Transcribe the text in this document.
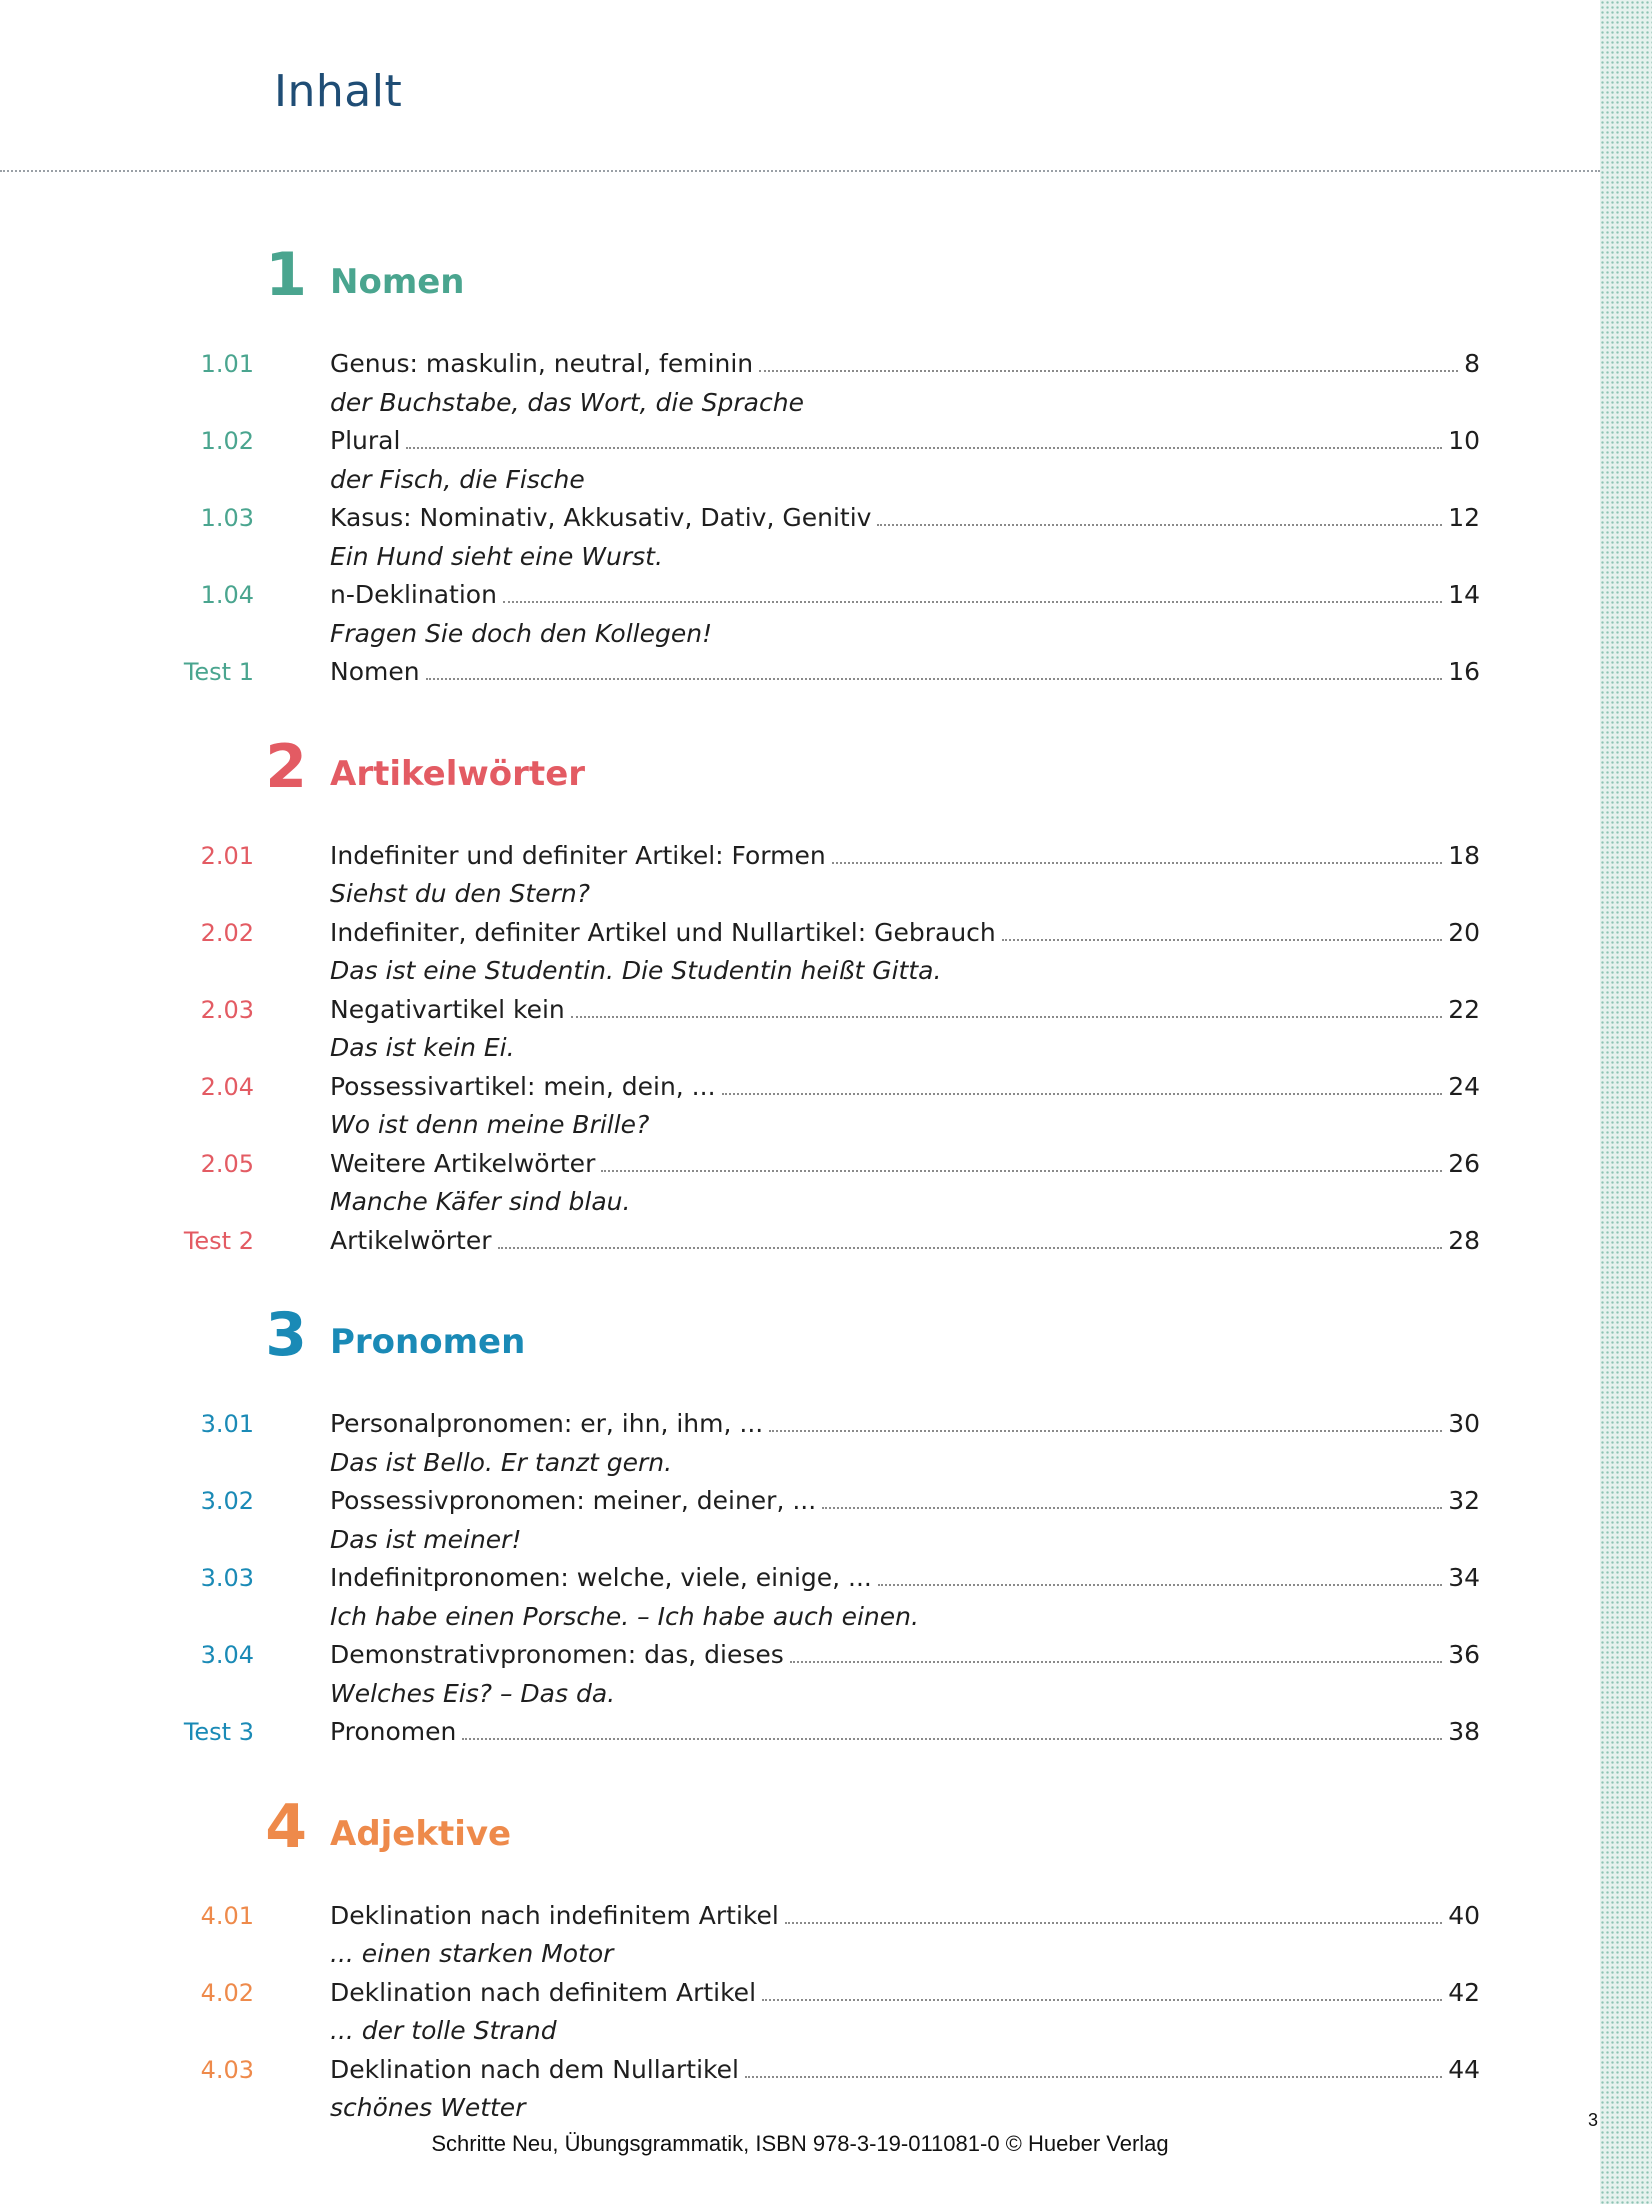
Inhalt
1 Nomen
1.01	Genus: maskulin, neutral, feminin	8
der Buchstabe, das Wort, die Sprache
1.02	Plural	10
der Fisch, die Fische
1.03	Kasus: Nominativ, Akkusativ, Dativ, Genitiv	12
Ein Hund sieht eine Wurst.
1.04	n-Deklination	14
Fragen Sie doch den Kollegen!
Test 1	Nomen	16
2 Artikelwörter
2.01	Indefiniter und definiter Artikel: Formen	18
Siehst du den Stern?
2.02	Indefiniter, definiter Artikel und Nullartikel: Gebrauch	20
Das ist eine Studentin. Die Studentin heißt Gitta.
2.03	Negativartikel kein	22
Das ist kein Ei.
2.04	Possessivartikel: mein, dein, ...	24
Wo ist denn meine Brille?
2.05	Weitere Artikelwörter	26
Manche Käfer sind blau.
Test 2	Artikelwörter	28
3 Pronomen
3.01	Personalpronomen: er, ihn, ihm, ...	30
Das ist Bello. Er tanzt gern.
3.02	Possessivpronomen: meiner, deiner, ...	32
Das ist meiner!
3.03	Indefinitpronomen: welche, viele, einige, ...	34
Ich habe einen Porsche. – Ich habe auch einen.
3.04	Demonstrativpronomen: das, dieses	36
Welches Eis? – Das da.
Test 3	Pronomen	38
4 Adjektive
4.01	Deklination nach indefinitem Artikel	40
... einen starken Motor
4.02	Deklination nach definitem Artikel	42
... der tolle Strand
4.03	Deklination nach dem Nullartikel	44
schönes Wetter
Schritte Neu, Übungsgrammatik, ISBN 978-3-19-011081-0 © Hueber Verlag
3
